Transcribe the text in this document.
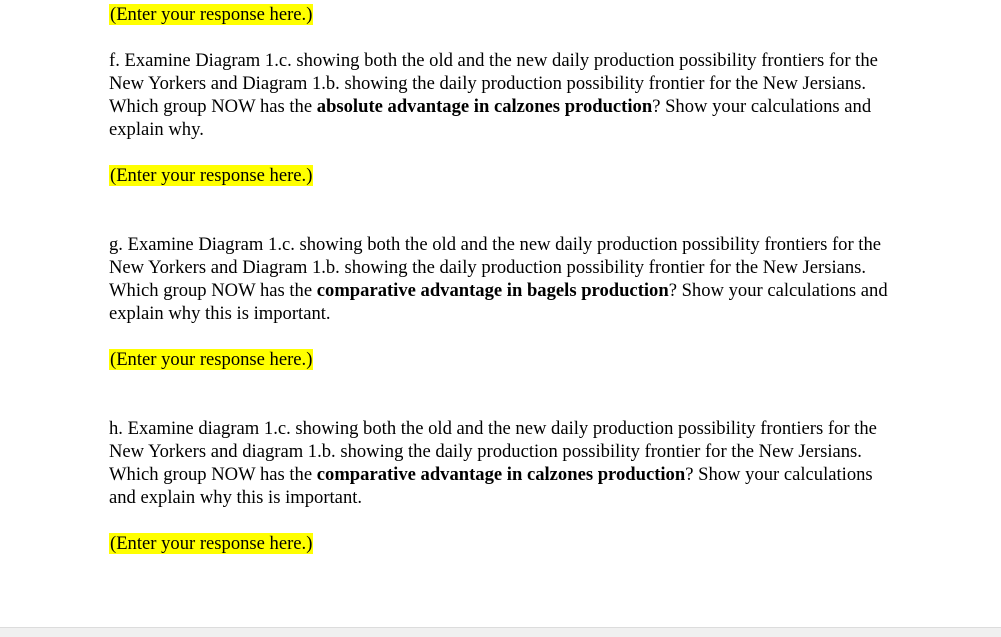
(Enter your response here.)

f. Examine Diagram 1.c. showing both the old and the new daily production possibility frontiers for the
New Yorkers and Diagram 1.b. showing the daily production possibility frontier for the New Jersians.
Which group NOW has the absolute advantage in calzones production? Show your calculations and
explain why.

(Enter your response here.)

g. Examine Diagram 1.c. showing both the old and the new daily production possibility frontiers for the
New Yorkers and Diagram 1.b. showing the daily production possibility frontier for the New Jersians.
Which group NOW has the comparative advantage in bagels production? Show your calculations and
explain why this is important.

(Enter your response here.)

h. Examine diagram 1.c. showing both the old and the new daily production possibility frontiers for the
New Yorkers and diagram 1.b. showing the daily production possibility frontier for the New Jersians.
Which group NOW has the comparative advantage in calzones production? Show your calculations
and explain why this is important.

(Enter your response here.)
